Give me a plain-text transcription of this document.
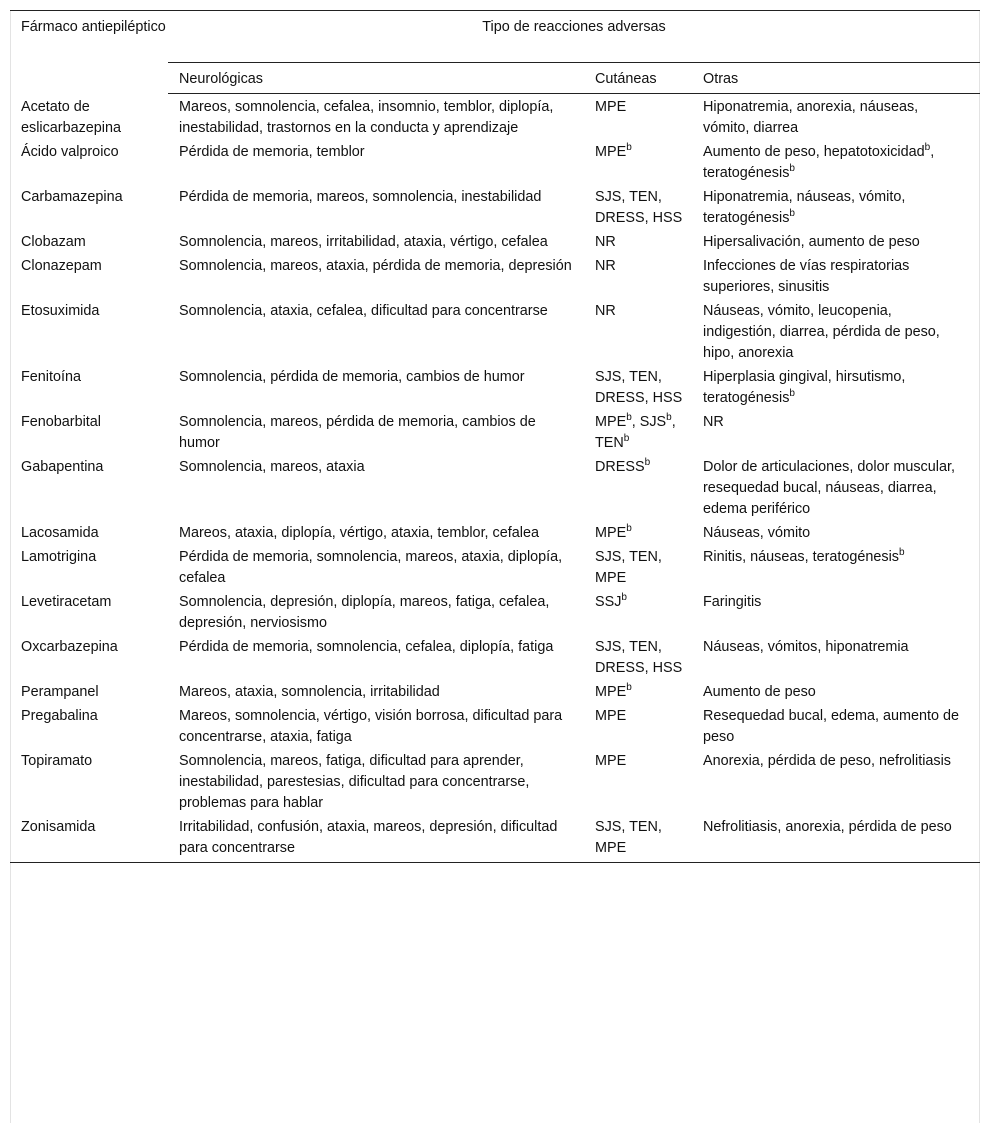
Fármaco antiepiléptico	Tipo de reacciones adversas		
	Neurológicas	Cutáneas	Otras
Acetato de eslicarbazepina	Mareos, somnolencia, cefalea, insomnio, temblor, diplopía, inestabilidad, trastornos en la conducta y aprendizaje	MPE	Hiponatremia, anorexia, náuseas, vómito, diarrea
Ácido valproico	Pérdida de memoria, temblor	MPE$^b$	Aumento de peso, hepatotoxicidad$^b$, teratogénesis$^b$
Carbamazepina	Pérdida de memoria, mareos, somnolencia, inestabilidad	SJS, TEN, DRESS, HSS	Hiponatremia, náuseas, vómito, teratogénesis$^b$
Clobazam	Somnolencia, mareos, irritabilidad, ataxia, vértigo, cefalea	NR	Hipersalivación, aumento de peso
Clonazepam	Somnolencia, mareos, ataxia, pérdida de memoria, depresión	NR	Infecciones de vías respiratorias superiores, sinusitis
Etosuximida	Somnolencia, ataxia, cefalea, dificultad para concentrarse	NR	Náuseas, vómito, leucopenia, indigestión, diarrea, pérdida de peso, hipo, anorexia
Fenitoína	Somnolencia, pérdida de memoria, cambios de humor	SJS, TEN, DRESS, HSS	Hiperplasia gingival, hirsutismo, teratogénesis$^b$
Fenobarbital	Somnolencia, mareos, pérdida de memoria, cambios de humor	MPE$^b$, SJS$^b$, TEN$^b$	NR
Gabapentina	Somnolencia, mareos, ataxia	DRESS$^b$	Dolor de articulaciones, dolor muscular, resequedad bucal, náuseas, diarrea, edema periférico
Lacosamida	Mareos, ataxia, diplopía, vértigo, ataxia, temblor, cefalea	MPE$^b$	Náuseas, vómito
Lamotrigina	Pérdida de memoria, somnolencia, mareos, ataxia, diplopía, cefalea	SJS, TEN, MPE	Rinitis, náuseas, teratogénesis$^b$
Levetiracetam	Somnolencia, depresión, diplopía, mareos, fatiga, cefalea, depresión, nerviosismo	SSJ$^b$	Faringitis
Oxcarbazepina	Pérdida de memoria, somnolencia, cefalea, diplopía, fatiga	SJS, TEN, DRESS, HSS	Náuseas, vómitos, hiponatremia
Perampanel	Mareos, ataxia, somnolencia, irritabilidad	MPE$^b$	Aumento de peso
Pregabalina	Mareos, somnolencia, vértigo, visión borrosa, dificultad para concentrarse, ataxia, fatiga	MPE	Resequedad bucal, edema, aumento de peso
Topiramato	Somnolencia, mareos, fatiga, dificultad para aprender, inestabilidad, parestesias, dificultad para concentrarse, problemas para hablar	MPE	Anorexia, pérdida de peso, nefrolitiasis
Zonisamida	Irritabilidad, confusión, ataxia, mareos, depresión, dificultad para concentrarse	SJS, TEN, MPE	Nefrolitiasis, anorexia, pérdida de peso
